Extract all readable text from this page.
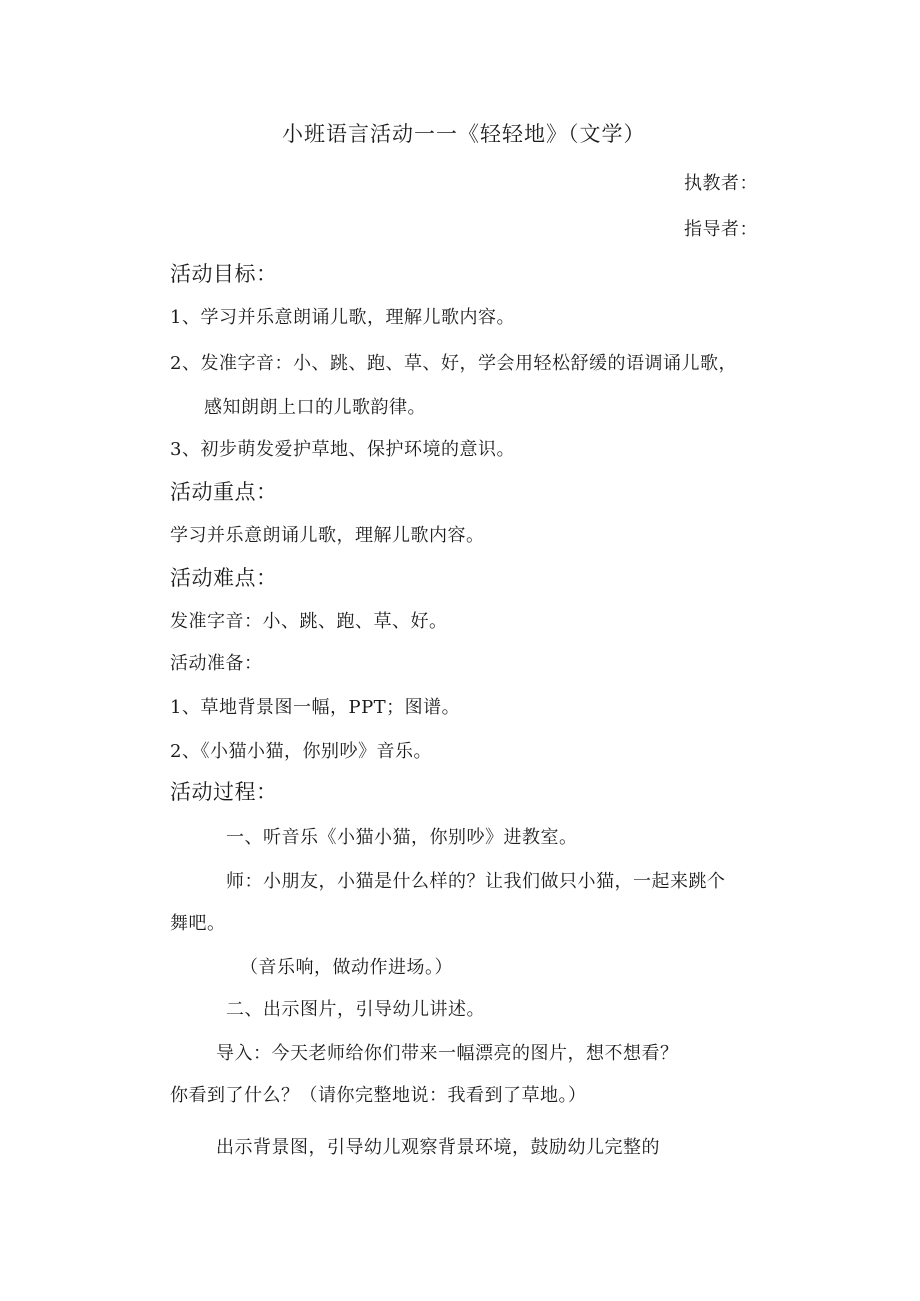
小班语言活动一一《轻轻地》（文学）
执教者：
指导者：
活动目标：
1、学习并乐意朗诵儿歌，理解儿歌内容。
2、发准字音：小、跳、跑、草、好，学会用轻松舒缓的语调诵儿歌，
感知朗朗上口的儿歌韵律。
3、初步萌发爱护草地、保护环境的意识。
活动重点：
学习并乐意朗诵儿歌，理解儿歌内容。
活动难点：
发准字音：小、跳、跑、草、好。
活动准备：
1、草地背景图一幅，PPT；图谱。
2、《小猫小猫，你别吵》音乐。
活动过程：
一、听音乐《小猫小猫，你别吵》进教室。
师：小朋友，小猫是什么样的？让我们做只小猫，一起来跳个
舞吧。
（音乐响，做动作进场。）
二、出示图片，引导幼儿讲述。
导入：今天老师给你们带来一幅漂亮的图片，想不想看？
你看到了什么？（请你完整地说：我看到了草地。）
出示背景图，引导幼儿观察背景环境，鼓励幼儿完整的
